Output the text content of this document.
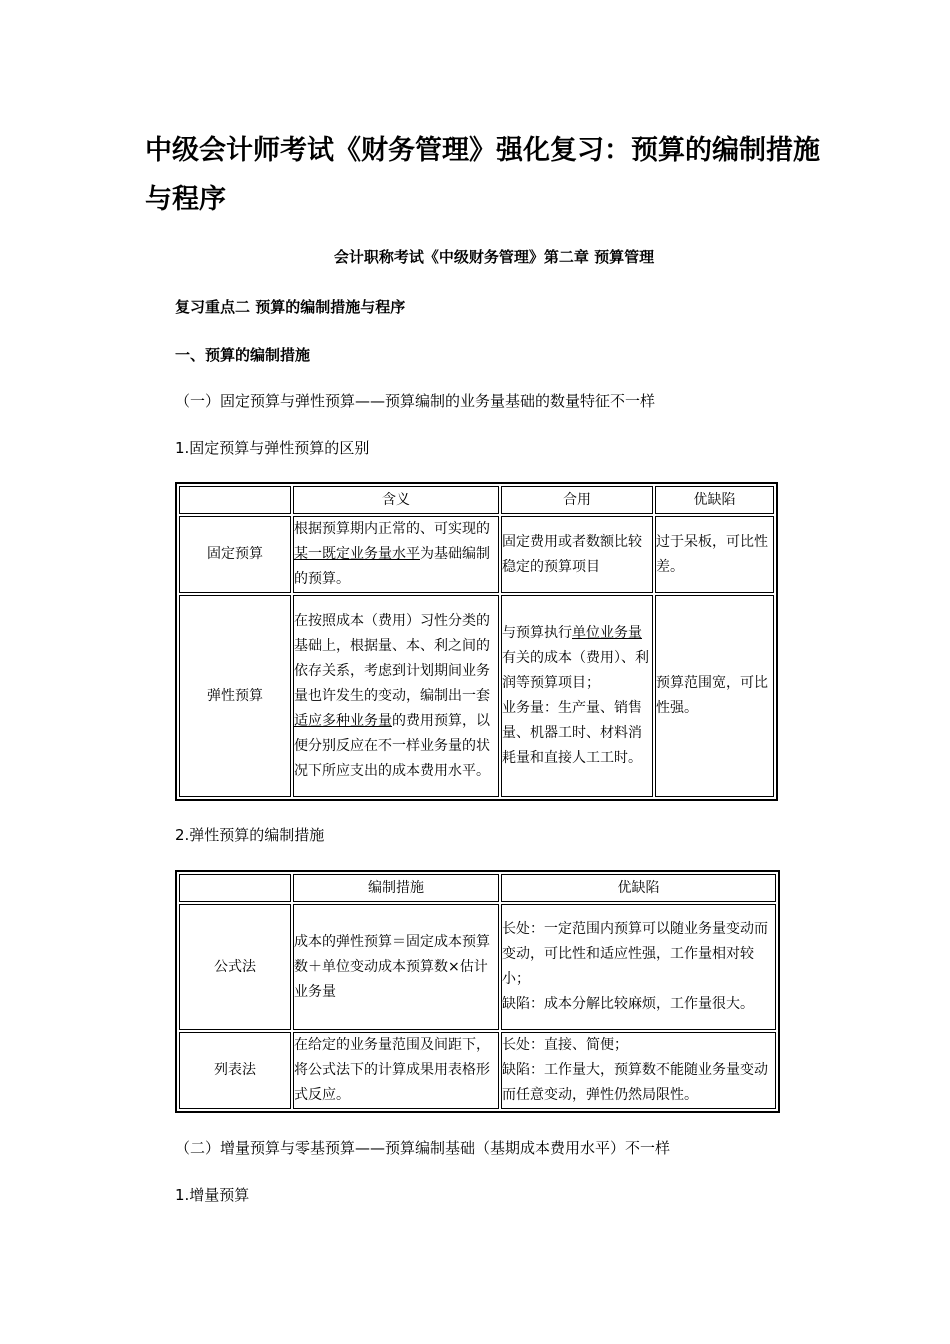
中级会计师考试《财务管理》强化复习：预算的编制措施与程序

会计职称考试《中级财务管理》第二章 预算管理

复习重点二 预算的编制措施与程序

一、预算的编制措施

（一）固定预算与弹性预算——预算编制的业务量基础的数量特征不一样

1.固定预算与弹性预算的区别

	含义	合用	优缺陷
固定预算	根据预算期内正常的、可实现的某一既定业务量水平为基础编制的预算。	固定费用或者数额比较稳定的预算项目	过于呆板，可比性差。
弹性预算	在按照成本（费用）习性分类的基础上，根据量、本、利之间的依存关系，考虑到计划期间业务量也许发生的变动，编制出一套适应多种业务量的费用预算，以便分别反应在不一样业务量的状况下所应支出的成本费用水平。	与预算执行单位业务量有关的成本（费用）、利润等预算项目；
业务量：生产量、销售量、机器工时、材料消耗量和直接人工工时。	预算范围宽，可比性强。

2.弹性预算的编制措施

	编制措施	优缺陷
公式法	成本的弹性预算＝固定成本预算数＋单位变动成本预算数×估计业务量	长处：一定范围内预算可以随业务量变动而变动，可比性和适应性强，工作量相对较小；
缺陷：成本分解比较麻烦，工作量很大。
列表法	在给定的业务量范围及间距下，将公式法下的计算成果用表格形式反应。	长处：直接、简便；
缺陷：工作量大，预算数不能随业务量变动而任意变动，弹性仍然局限性。

（二）增量预算与零基预算——预算编制基础（基期成本费用水平）不一样

1.增量预算
